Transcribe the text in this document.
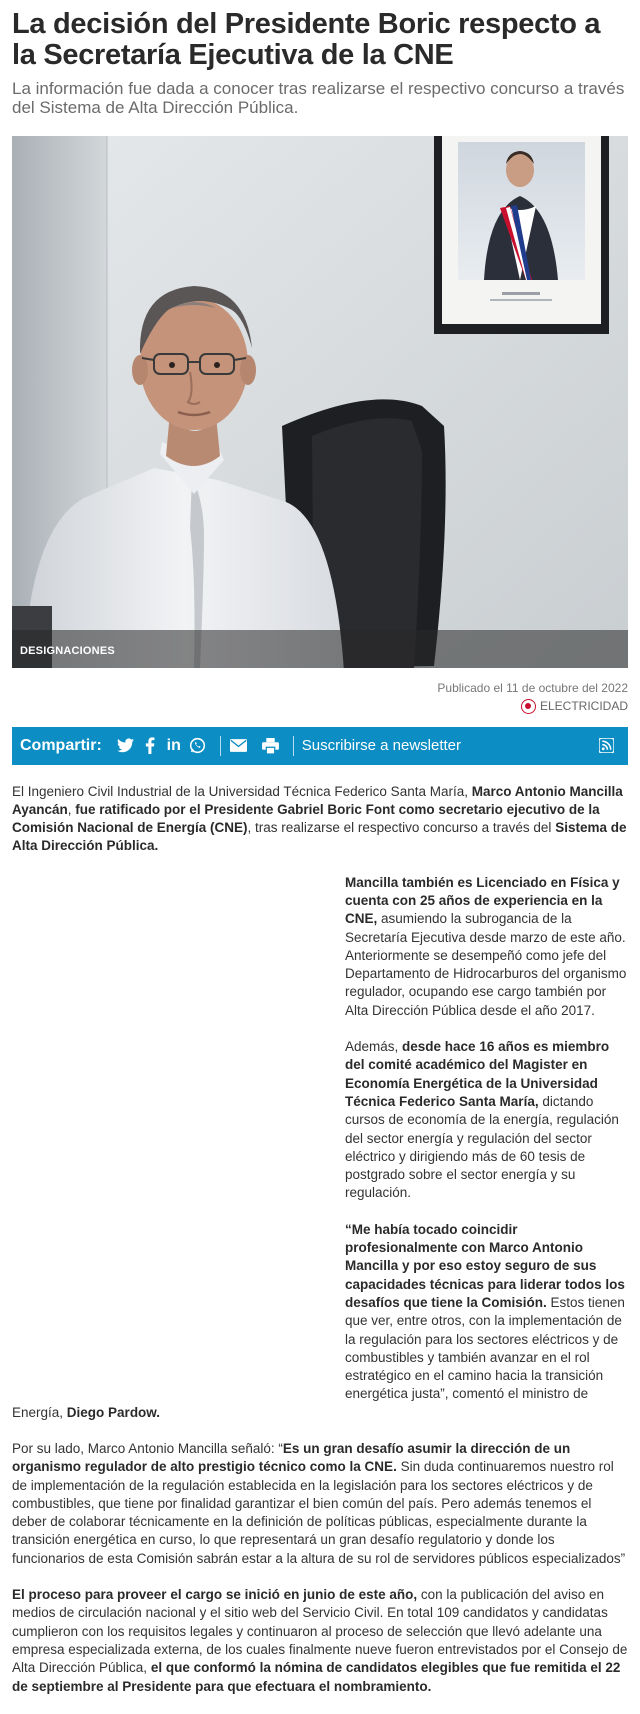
La decisión del Presidente Boric respecto a la Secretaría Ejecutiva de la CNE

La información fue dada a conocer tras realizarse el respectivo concurso a través del Sistema de Alta Dirección Pública.

DESIGNACIONES
Publicado el 11 de octubre del 2022
ELECTRICIDAD
Compartir:	in	Suscribirse a newsletter

El Ingeniero Civil Industrial de la Universidad Técnica Federico Santa María, Marco Antonio Mancilla Ayancán, fue ratificado por el Presidente Gabriel Boric Font como secretario ejecutivo de la Comisión Nacional de Energía (CNE), tras realizarse el respectivo concurso a través del Sistema de Alta Dirección Pública.

Mancilla también es Licenciado en Física y cuenta con 25 años de experiencia en la CNE, asumiendo la subrogancia de la Secretaría Ejecutiva desde marzo de este año. Anteriormente se desempeñó como jefe del Departamento de Hidrocarburos del organismo regulador, ocupando ese cargo también por Alta Dirección Pública desde el año 2017.

Además, desde hace 16 años es miembro del comité académico del Magister en Economía Energética de la Universidad Técnica Federico Santa María, dictando cursos de economía de la energía, regulación del sector energía y regulación del sector eléctrico y dirigiendo más de 60 tesis de postgrado sobre el sector energía y su regulación.

“Me había tocado coincidir profesionalmente con Marco Antonio Mancilla y por eso estoy seguro de sus capacidades técnicas para liderar todos los desafíos que tiene la Comisión. Estos tienen que ver, entre otros, con la implementación de la regulación para los sectores eléctricos y de combustibles y también avanzar en el rol estratégico en el camino hacia la transición energética justa”, comentó el ministro de Energía, Diego Pardow.

Por su lado, Marco Antonio Mancilla señaló: “Es un gran desafío asumir la dirección de un organismo regulador de alto prestigio técnico como la CNE. Sin duda continuaremos nuestro rol de implementación de la regulación establecida en la legislación para los sectores eléctricos y de combustibles, que tiene por finalidad garantizar el bien común del país. Pero además tenemos el deber de colaborar técnicamente en la definición de políticas públicas, especialmente durante la transición energética en curso, lo que representará un gran desafío regulatorio y donde los funcionarios de esta Comisión sabrán estar a la altura de su rol de servidores públicos especializados”

El proceso para proveer el cargo se inició en junio de este año, con la publicación del aviso en medios de circulación nacional y el sitio web del Servicio Civil. En total 109 candidatos y candidatas cumplieron con los requisitos legales y continuaron al proceso de selección que llevó adelante una empresa especializada externa, de los cuales finalmente nueve fueron entrevistados por el Consejo de Alta Dirección Pública, el que conformó la nómina de candidatos elegibles que fue remitida el 22 de septiembre al Presidente para que efectuara el nombramiento.
